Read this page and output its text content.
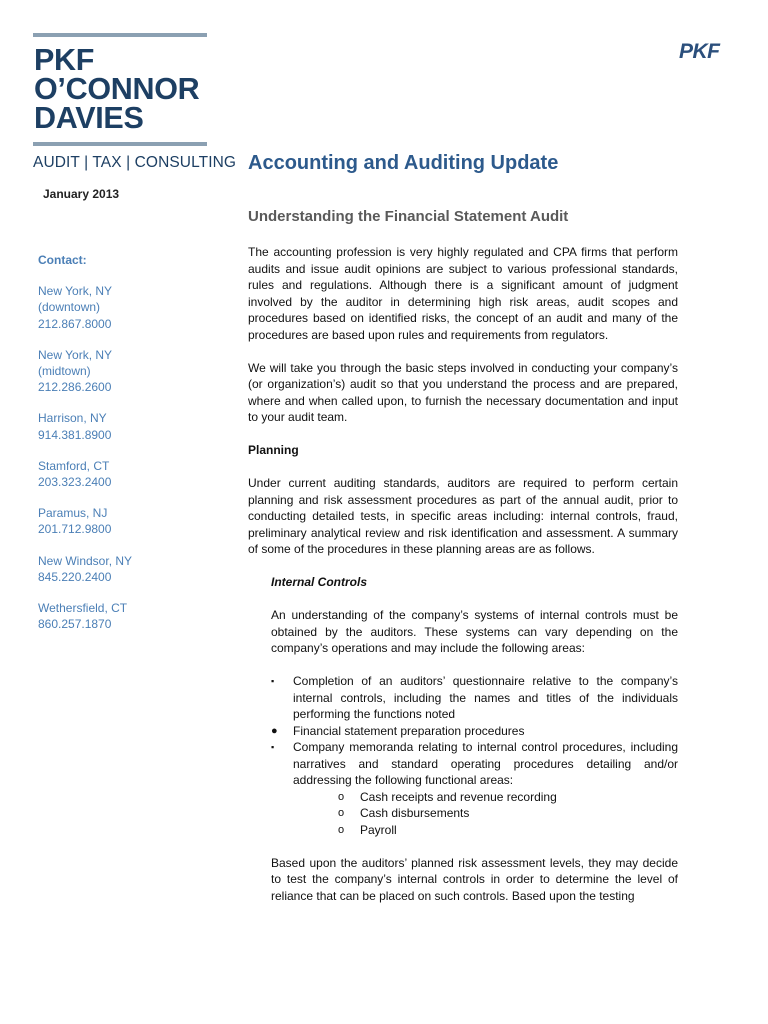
PKF
O’CONNOR
DAVIES
AUDIT | TAX | CONSULTING
PKF
January 2013
Contact:
New York, NY
(downtown)
212.867.8000
New York, NY
(midtown)
212.286.2600
Harrison, NY
914.381.8900
Stamford, CT
203.323.2400
Paramus, NJ
201.712.9800
New Windsor, NY
845.220.2400
Wethersfield, CT
860.257.1870
Accounting and Auditing Update
Understanding the Financial Statement Audit

The accounting profession is very highly regulated and CPA firms that perform audits and issue audit opinions are subject to various professional standards, rules and regulations. Although there is a significant amount of judgment involved by the auditor in determining high risk areas, audit scopes and procedures based on identified risks, the concept of an audit and many of the procedures are based upon rules and requirements from regulators.

We will take you through the basic steps involved in conducting your company’s (or organization’s) audit so that you understand the process and are prepared, where and when called upon, to furnish the necessary documentation and input to your audit team.

Planning

Under current auditing standards, auditors are required to perform certain planning and risk assessment procedures as part of the annual audit, prior to conducting detailed tests, in specific areas including: internal controls, fraud, preliminary analytical review and risk identification and assessment. A summary of some of the procedures in these planning areas are as follows.

Internal Controls

An understanding of the company’s systems of internal controls must be obtained by the auditors. These systems can vary depending on the company’s operations and may include the following areas:

▪	Completion of an auditors’ questionnaire relative to the company’s internal controls, including the names and titles of the individuals performing the functions noted
●	Financial statement preparation procedures
▪	Company memoranda relating to internal control procedures, including narratives and standard operating procedures detailing and/or addressing the following functional areas:
o Cash receipts and revenue recording
o Cash disbursements
o Payroll

Based upon the auditors’ planned risk assessment levels, they may decide to test the company’s internal controls in order to determine the level of reliance that can be placed on such controls. Based upon the testing
